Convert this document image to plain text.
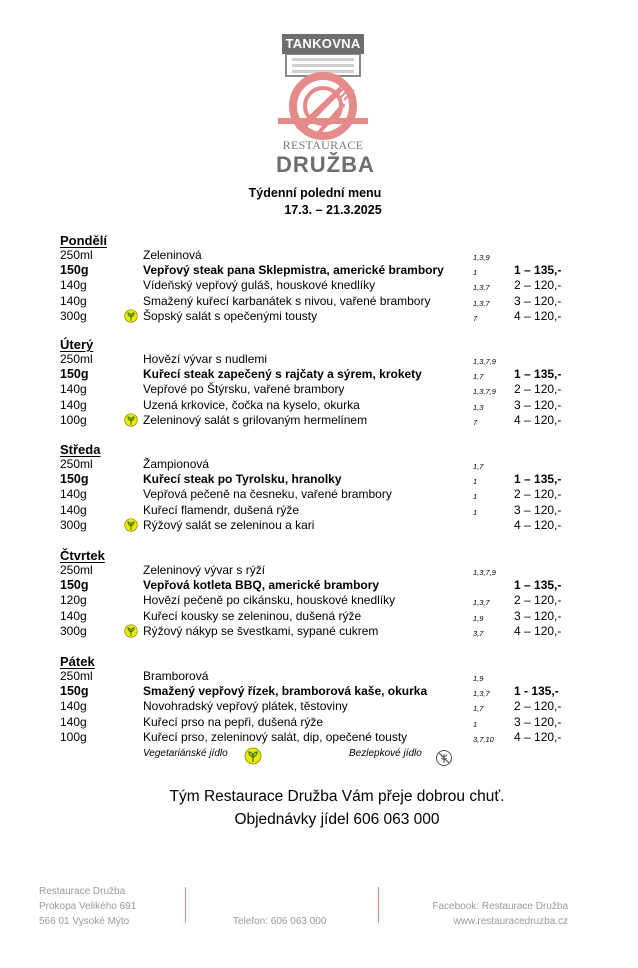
TANKOVNA
RESTAURACE
DRUŽBA
Týdenní polední menu
17.3. – 21.3.2025
Pondělí
250ml	Zeleninová	1,3,9
150g	Vepřový steak pana Sklepmistra, americké brambory	1	1 – 135,-
140g	Vídeňský vepřový guláš, houskové knedlíky	1,3,7 2 – 120,-
140g	Smažený kuřecí karbanátek s nivou, vařené brambory	1,3,7 3 – 120,-
300g	Šopský salát s opečenými tousty	7	4 – 120,-
Úterý
250ml	Hovězí vývar s nudlemi	1,3,7,9
150g	Kuřecí steak zapečený s rajčaty a sýrem, krokety	1,7	1 – 135,-
140g	Vepřové po Štýrsku, vařené brambory	1,3,7,9 2 – 120,-
140g	Uzená krkovice, čočka na kyselo, okurka	1,3	3 – 120,-
100g	Zeleninový salát s grilovaným hermelínem	7	4 – 120,-
Středa
250ml	Žampionová	1,7
150g	Kuřecí steak po Tyrolsku, hranolky	1	1 – 135,-
140g	Vepřová pečeně na česneku, vařené brambory	1	2 – 120,-
140g	Kuřecí flamendr, dušená rýže	1	3 – 120,-
300g	Rýžový salát se zeleninou a kari	4 – 120,-
Čtvrtek
250ml	Zeleninový vývar s rýží	1,3,7,9
150g	Vepřová kotleta BBQ, americké brambory	1 – 135,-
120g	Hovězí pečeně po cikánsku, houskové knedlíky	1,3,7 2 – 120,-
140g	Kuřecí kousky se zeleninou, dušená rýže	1,9	3 – 120,-
300g	Rýžový nákyp se švestkami, sypané cukrem	3,7	4 – 120,-
Pátek
250ml	Bramborová	1,9
150g	Smažený vepřový řízek, bramborová kaše, okurka	1,3,7 1 - 135,-
140g	Novohradský vepřový plátek, těstoviny	1,7	2 – 120,-
140g	Kuřecí prso na pepři, dušená rýže	1	3 – 120,-
100g	Kuřecí prso, zeleninový salát, dip, opečené tousty	3,7,10 4 – 120,-
Vegetariánské jídlo	Bezlepkové jídlo
Tým Restaurace Družba Vám přeje dobrou chuť.
Objednávky jídel 606 063 000
Restaurace Družba
Prokopa Velikého 691
566 01 Vysoké Mýto	Telefon: 606 063 000
Facebook: Restaurace Družba
www.restauracedruzba.cz
